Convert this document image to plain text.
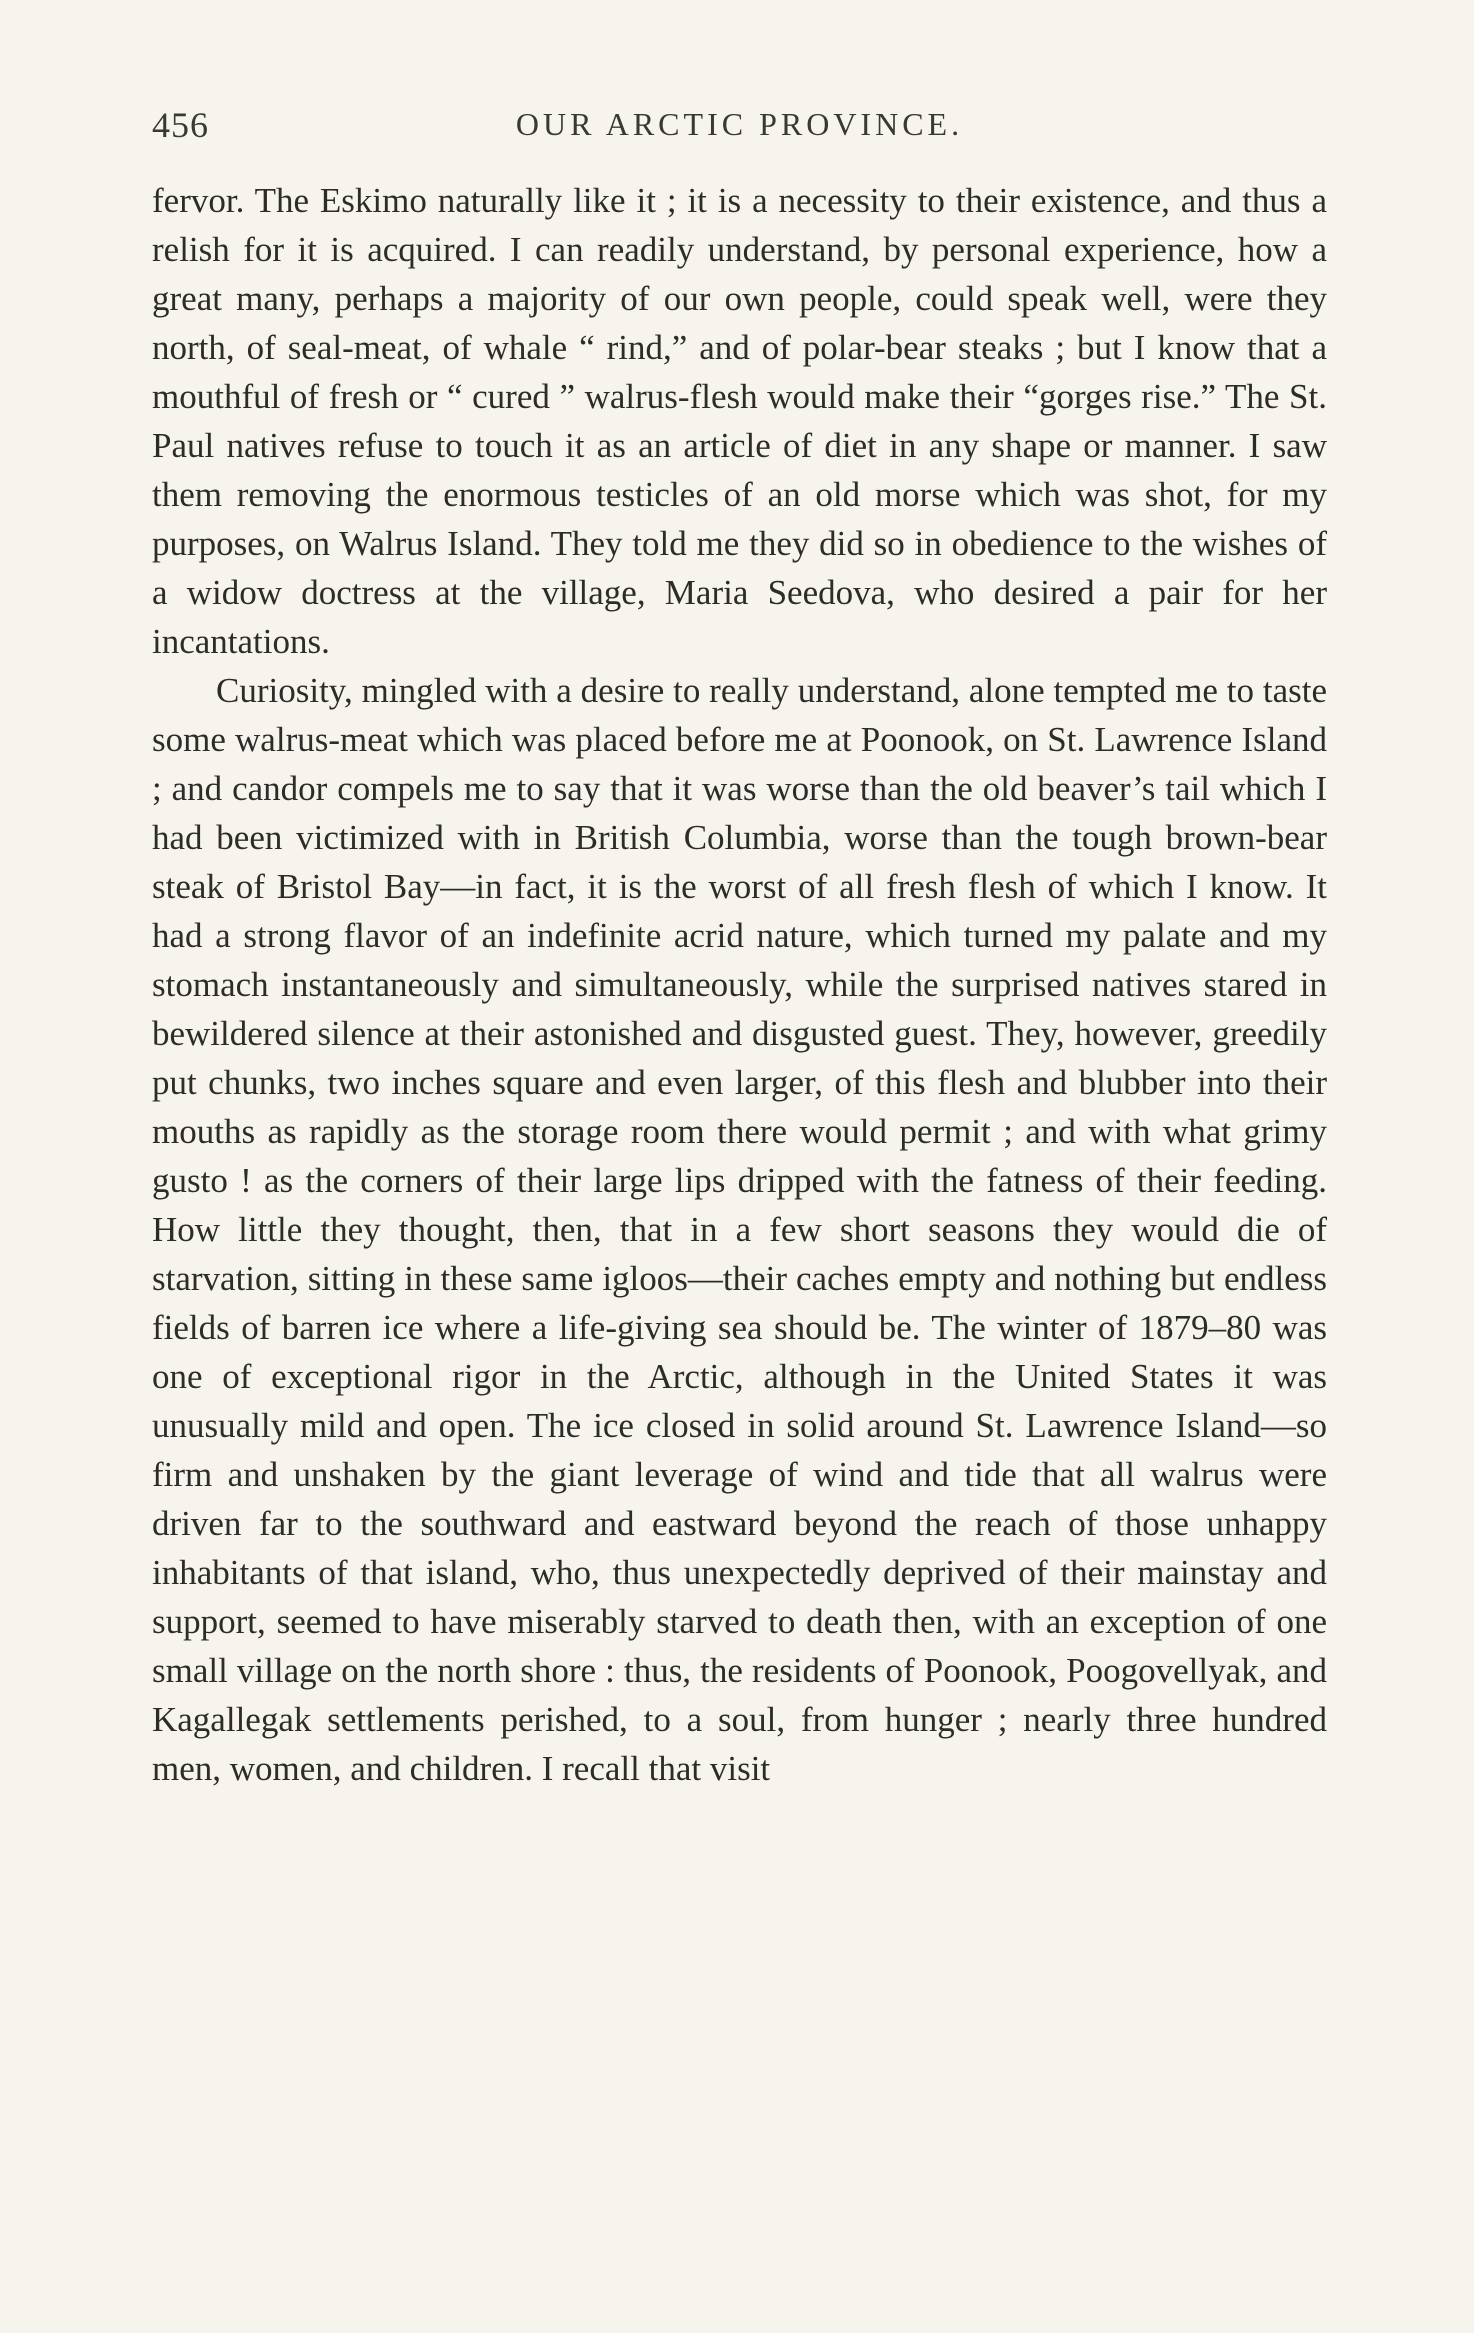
456	OUR ARCTIC PROVINCE.

fervor. The Eskimo naturally like it ; it is a necessity to their existence, and thus a relish for it is acquired. I can readily understand, by personal experience, how a great many, perhaps a majority of our own people, could speak well, were they north, of seal-meat, of whale “ rind,” and of polar-bear steaks ; but I know that a mouthful of fresh or “ cured ” walrus-flesh would make their “gorges rise.” The St. Paul natives refuse to touch it as an article of diet in any shape or manner. I saw them removing the enormous testicles of an old morse which was shot, for my purposes, on Walrus Island. They told me they did so in obedience to the wishes of a widow doctress at the village, Maria Seedova, who desired a pair for her incantations.

Curiosity, mingled with a desire to really understand, alone tempted me to taste some walrus-meat which was placed before me at Poonook, on St. Lawrence Island ; and candor compels me to say that it was worse than the old beaver’s tail which I had been victimized with in British Columbia, worse than the tough brown-bear steak of Bristol Bay—in fact, it is the worst of all fresh flesh of which I know. It had a strong flavor of an indefinite acrid nature, which turned my palate and my stomach instantaneously and simultaneously, while the surprised natives stared in bewildered silence at their astonished and disgusted guest. They, however, greedily put chunks, two inches square and even larger, of this flesh and blubber into their mouths as rapidly as the storage room there would permit ; and with what grimy gusto ! as the corners of their large lips dripped with the fatness of their feeding. How little they thought, then, that in a few short seasons they would die of starvation, sitting in these same igloos—their caches empty and nothing but endless fields of barren ice where a life-giving sea should be. The winter of 1879–80 was one of exceptional rigor in the Arctic, although in the United States it was unusually mild and open. The ice closed in solid around St. Lawrence Island—so firm and unshaken by the giant leverage of wind and tide that all walrus were driven far to the southward and eastward beyond the reach of those unhappy inhabitants of that island, who, thus unexpectedly deprived of their mainstay and support, seemed to have miserably starved to death then, with an exception of one small village on the north shore : thus, the residents of Poonook, Poogovellyak, and Kagallegak settlements perished, to a soul, from hunger ; nearly three hundred men, women, and children. I recall that visit
